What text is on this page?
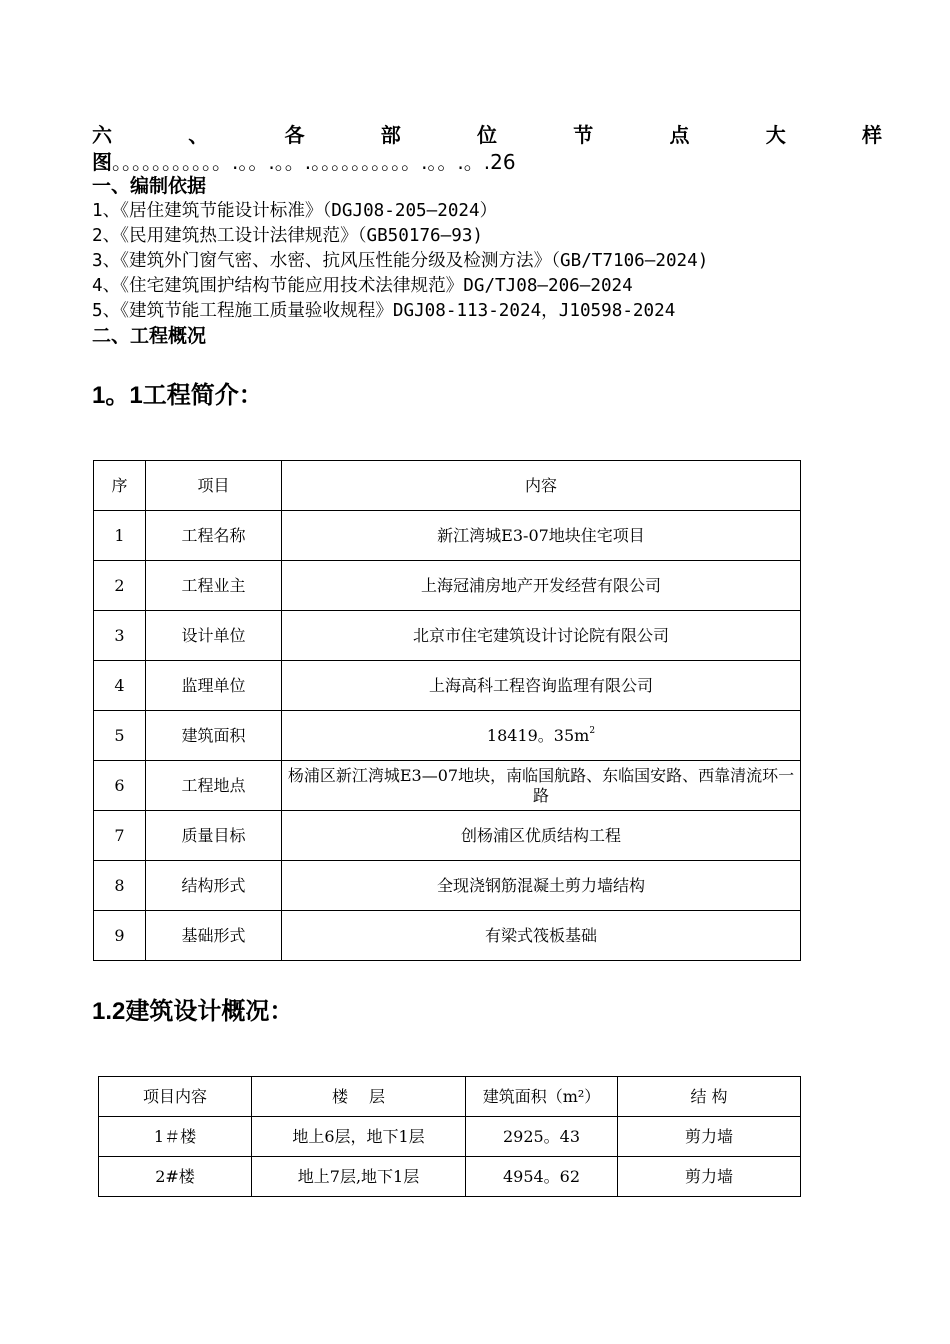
六	、	各	部	位	节	点	大	样
图。。。。。。。。。。。.。。.。。.。。。。。。。。。。.。。.。.26
一、编制依据
1、《居住建筑节能设计标准》（DGJ08-205—2024）
2、《民用建筑热工设计法律规范》（GB50176—93)
3、《建筑外门窗气密、水密、抗风压性能分级及检测方法》（GB/T7106—2024)
4、《住宅建筑围护结构节能应用技术法律规范》DG/TJ08—206—2024
5、《建筑节能工程施工质量验收规程》DGJ08-113-2024，J10598-2024
二、工程概况
1。1工程简介：
序	项目	内容
1	工程名称	新江湾城E3-07地块住宅项目
2	工程业主	上海冠浦房地产开发经营有限公司
3	设计单位	北京市住宅建筑设计讨论院有限公司
4	监理单位	上海高科工程咨询监理有限公司
5	建筑面积	18419。$35m^2$
6	工程地点	杨浦区新江湾城E3—07地块，南临国航路、东临国安路、西靠清流环一路
7	质量目标	创杨浦区优质结构工程
8	结构形式	全现浇钢筋混凝土剪力墙结构
9	基础形式	有梁式筏板基础
1.2建筑设计概况：
项目内容	楼　 层	建筑面积（m²）	结 构
1＃楼	地上6层，地下1层	2925。43	剪力墙
2#楼	地上7层,地下1层	4954。62	剪力墙
